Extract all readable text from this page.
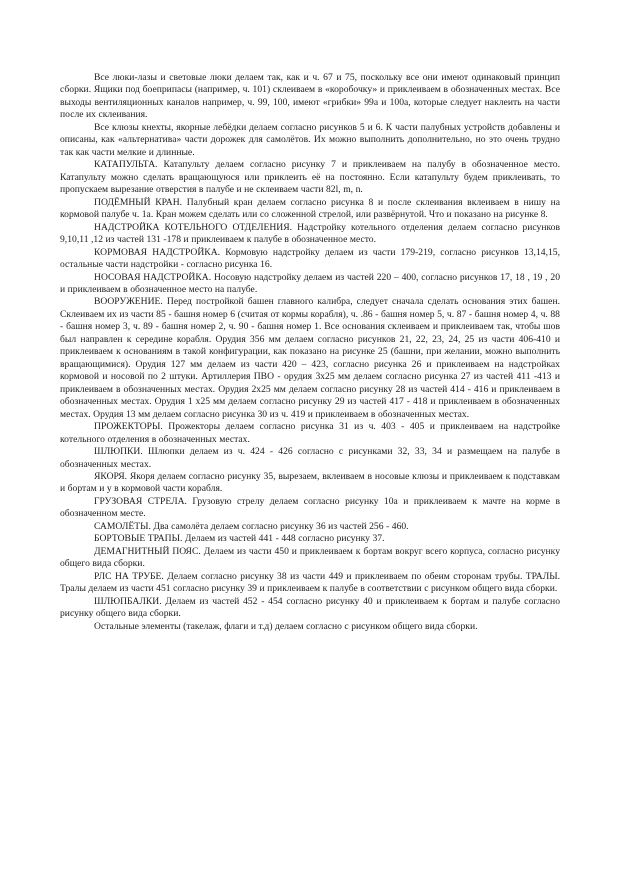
Все люки-лазы и световые люки делаем так, как и ч. 67 и 75, поскольку все они имеют одинаковый принцип сборки. Ящики под боеприпасы (например, ч. 101) склеиваем в «коробочку» и приклеиваем в обозначенных местах. Все выходы вентиляционных каналов например, ч. 99, 100, имеют «грибки» 99а и 100а, которые следует наклеить на части после их склеивания.

Все клюзы кнехты, якорные лебёдки делаем согласно рисунков 5 и 6. К части палубных устройств добавлены и описаны, как «альтернатива» части дорожек для самолётов. Их можно выполнить дополнительно, но это очень трудно так как части мелкие и длинные.

КАТАПУЛЬТА. Катапульту делаем согласно рисунку 7 и приклеиваем на палубу в обозначенное место. Катапульту можно сделать вращающуюся или приклеить её на постоянно. Если катапульту будем приклеивать, то пропускаем вырезание отверстия в палубе и не склеиваем части 82l, m, n.

ПОДЁМНЫЙ КРАН. Палубный кран делаем согласно рисунка 8 и после склеивания вклеиваем в нишу на кормовой палубе ч. 1а. Кран можем сделать или со сложенной стрелой, или развёрнутой. Что и показано на рисунке 8.

НАДСТРОЙКА КОТЕЛЬНОГО ОТДЕЛЕНИЯ. Надстройку котельного отделения делаем согласно рисунков 9,10,11 ,12 из частей 131 -178 и приклеиваем к палубе в обозначенное место.

КОРМОВАЯ НАДСТРОЙКА. Кормовую надстройку делаем из части 179-219, согласно рисунков 13,14,15, остальные части надстройки - согласно рисунка 16.

НОСОВАЯ НАДСТРОЙКА. Носовую надстройку делаем из частей 220 – 400, согласно рисунков 17, 18 , 19 , 20 и приклеиваем в обозначенное место на палубе.

ВООРУЖЕНИЕ. Перед постройкой башен главного калибра, следует сначала сделать основания этих башен. Склеиваем их из части 85 - башня номер 6 (считая от кормы корабля), ч. .86 - башня номер 5, ч. 87 - башня номер 4, ч. 88 - башня номер 3, ч. 89 - башня номер 2, ч. 90 - башня номер 1. Все основания склеиваем и приклеиваем так, чтобы шов был направлен к середине корабля. Орудия 356 мм делаем согласно рисунков 21, 22, 23, 24, 25 из части 406-410 и приклеиваем к основаниям в такой конфигурации, как показано на рисунке 25 (башни, при желании, можно выполнить вращающимися). Орудия 127 мм делаем из части 420 – 423, согласно рисунка 26 и приклеиваем на надстройках кормовой и носовой по 2 штуки. Артиллерия ПВО - орудия 3х25 мм делаем согласно рисунка 27 из частей 411 -413 и приклеиваем в обозначенных местах. Орудия 2х25 мм делаем согласно рисунку 28 из частей 414 - 416 и приклеиваем в обозначенных местах. Орудия 1 х25 мм делаем согласно рисунку 29 из частей 417 - 418 и приклеиваем в обозначенных местах. Орудия 13 мм делаем согласно рисунка 30 из ч. 419 и приклеиваем в обозначенных местах.

ПРОЖЕКТОРЫ. Прожекторы делаем согласно рисунка 31 из ч. 403 - 405 и приклеиваем на надстройке котельного отделения в обозначенных местах.

ШЛЮПКИ. Шлюпки делаем из ч. 424 - 426 согласно с рисунками 32, 33, 34 и размещаем на палубе в обозначенных местах.

ЯКОРЯ. Якоря делаем согласно рисунку 35, вырезаем, вклеиваем в носовые клюзы и приклеиваем к подставкам и бортам и у в кормовой части корабля.

ГРУЗОВАЯ СТРЕЛА. Грузовую стрелу делаем согласно рисунку 10а и приклеиваем к мачте на корме в обозначенном месте.

САМОЛЁТЫ. Два самолёта делаем согласно рисунку 36 из частей 256 - 460.

БОРТОВЫЕ ТРАПЫ. Делаем из частей 441 - 448 согласно рисунку 37.

ДЕМАГНИТНЫЙ ПОЯС. Делаем из части 450 и приклеиваем к бортам вокруг всего корпуса, согласно рисунку общего вида сборки.

РЛС НА ТРУБЕ. Делаем согласно рисунку 38 из части 449 и приклеиваем по обеим сторонам трубы. ТРАЛЫ. Тралы делаем из части 451 согласно рисунку 39 и приклеиваем к палубе в соответствии с рисунком общего вида сборки.

ШЛЮПБАЛКИ. Делаем из частей 452 - 454 согласно рисунку 40 и приклеиваем к бортам и палубе согласно рисунку общего вида сборки.

Остальные элементы (такелаж, флаги и т.д) делаем согласно с рисунком общего вида сборки.
